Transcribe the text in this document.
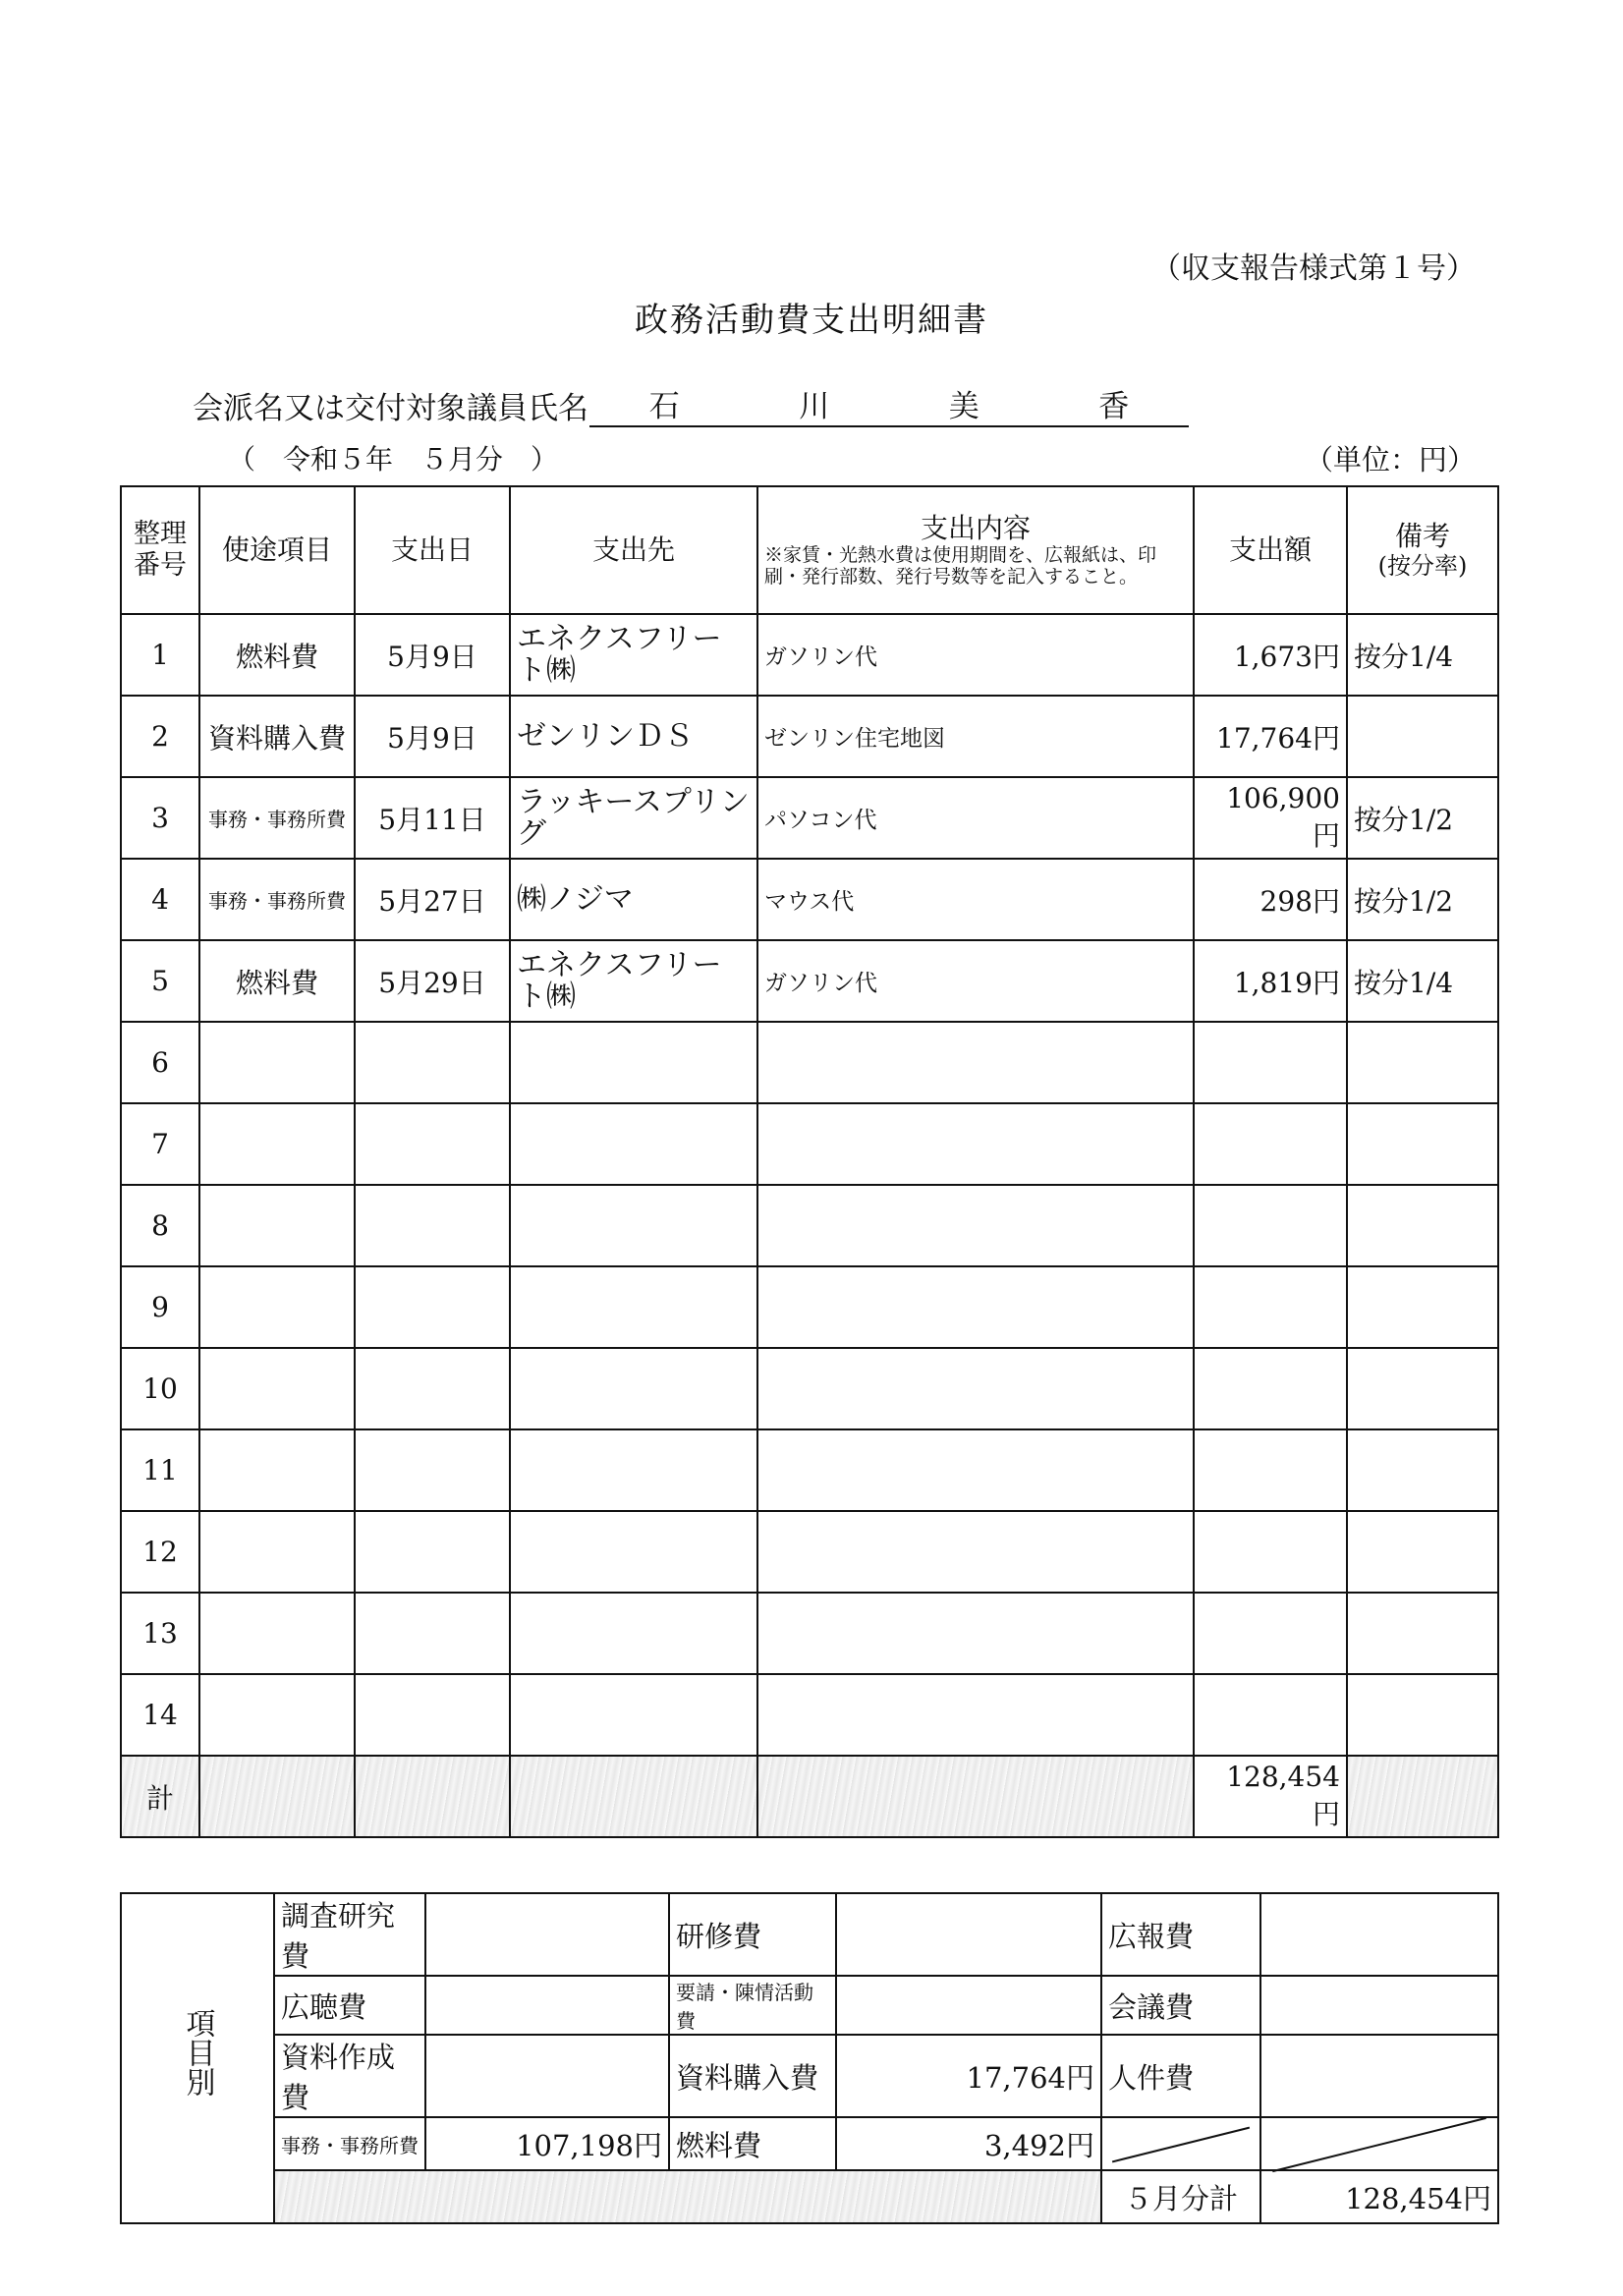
（収支報告様式第１号）
政務活動費支出明細書
会派名又は交付対象議員氏名 石	川	美	香
（　令和５年　５月分　）	（単位：円）
整理番号	使途項目	支出日	支出先	支出内容
※家賃・光熱水費は使用期間を、広報紙は、印刷・発行部数、発行号数等を記入すること。	支出額	備考
(按分率)

1	燃料費	5月9日	エネクスフリート㈱	ガソリン代	1,673円	按分1/4
2	資料購入費	5月9日	ゼンリンＤＳ	ゼンリン住宅地図	17,764円	
3	事務・事務所費	5月11日	ラッキースプリング	パソコン代	106,900円	按分1/2
4	事務・事務所費	5月27日	㈱ノジマ	マウス代	298円	按分1/2
5	燃料費	5月29日	エネクスフリート㈱	ガソリン代	1,819円	按分1/4
6						
7						
8						
9						
10						
11						
12						
13						
14						
計					128,454円	
項目別	調査研究費		研修費		広報費	
	広聴費		要請・陳情活動費		会議費	
	資料作成費		資料購入費	17,764円	人件費	
	事務・事務所費	107,198円	燃料費	3,492円		
					５月分計	128,454円
